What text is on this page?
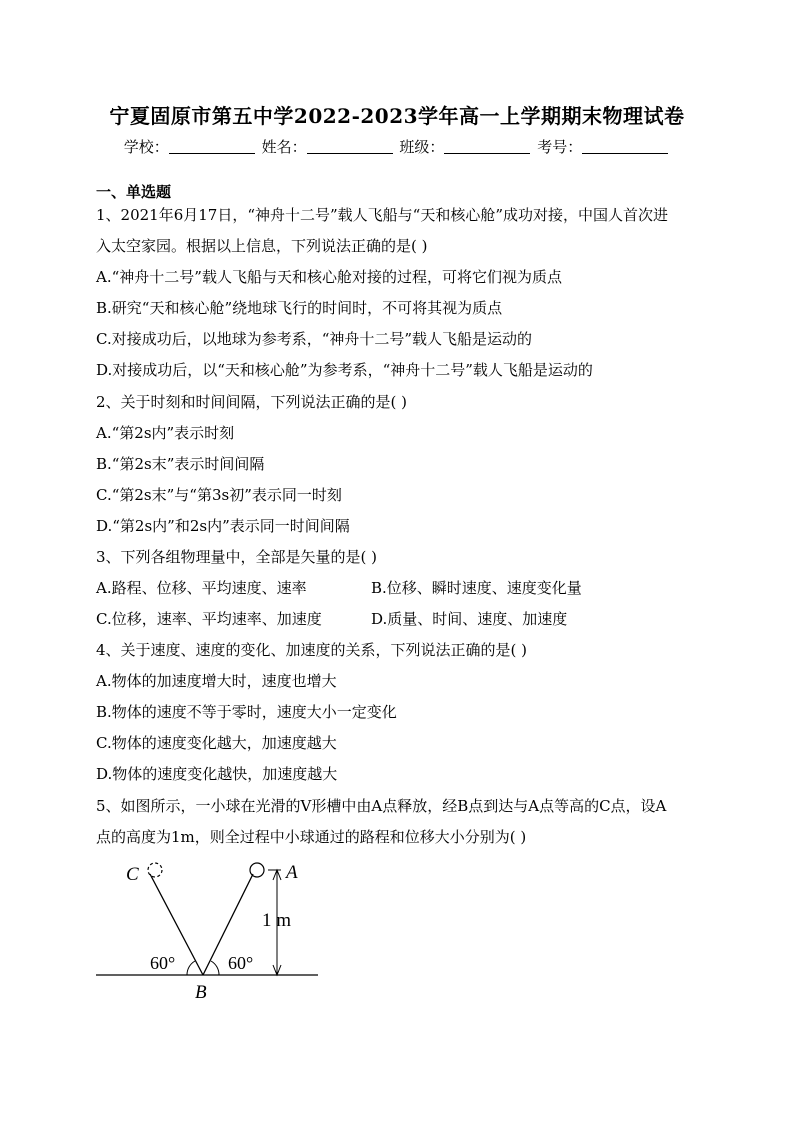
宁夏固原市第五中学2022-2023学年高一上学期期末物理试卷
学校：	姓名：	班级：	考号：
一、单选题
1、2021年6月17日，“神舟十二号”载人飞船与“天和核心舱”成功对接，中国人首次进
入太空家园。根据以上信息，下列说法正确的是( )
A.“神舟十二号”载人飞船与天和核心舱对接的过程，可将它们视为质点
B.研究“天和核心舱”绕地球飞行的时间时，不可将其视为质点
C.对接成功后，以地球为参考系，“神舟十二号”载人飞船是运动的
D.对接成功后，以“天和核心舱”为参考系，“神舟十二号”载人飞船是运动的
2、关于时刻和时间间隔，下列说法正确的是( )
A.“第2s内”表示时刻
B.“第2s末”表示时间间隔
C.“第2s末”与“第3s初”表示同一时刻
D.“第2s内”和2s内”表示同一时间间隔
3、下列各组物理量中，全部是矢量的是( )
A.路程、位移、平均速度、速率	B.位移、瞬时速度、速度变化量
C.位移，速率、平均速率、加速度	D.质量、时间、速度、加速度
4、关于速度、速度的变化、加速度的关系，下列说法正确的是( )
A.物体的加速度增大时，速度也增大
B.物体的速度不等于零时，速度大小一定变化
C.物体的速度变化越大，加速度越大
D.物体的速度变化越快，加速度越大
5、如图所示，一小球在光滑的V形槽中由A点释放，经B点到达与A点等高的C点，设A
点的高度为1m，则全过程中小球通过的路程和位移大小分别为( )
C	A
B
1 m
60°	60°
